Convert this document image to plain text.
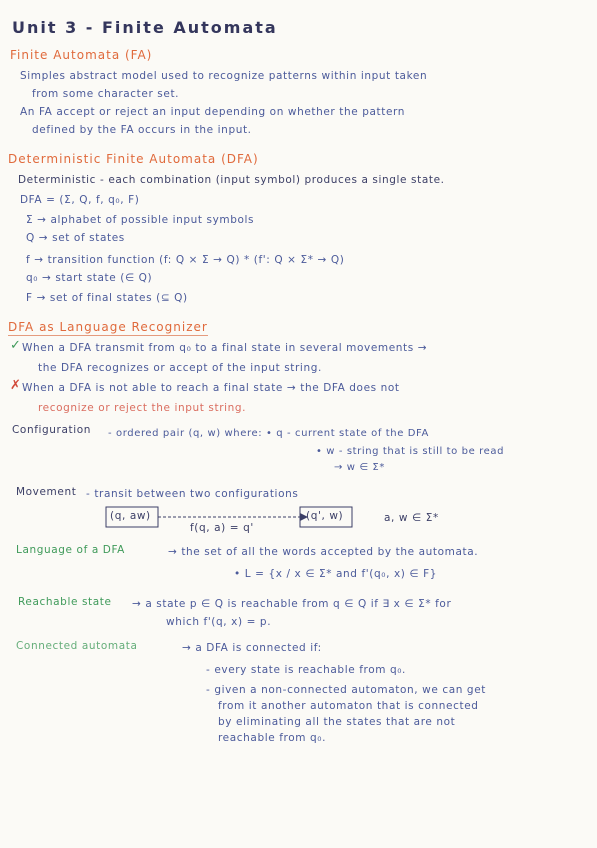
Unit 3 - Finite Automata
Finite Automata (FA)
Simples abstract model used to recognize patterns within input taken
from some character set.
An FA accept or reject an input depending on whether the pattern
defined by the FA occurs in the input.
Deterministic Finite Automata (DFA)
Deterministic - each combination (input symbol) produces a single state.
DFA = (Σ, Q, f, q₀, F)
Σ → alphabet of possible input symbols
Q → set of states
f → transition function (f: Q × Σ → Q) * (f': Q × Σ* → Q)
q₀ → start state (∈ Q)
F → set of final states (⊆ Q)
DFA as Language Recognizer
✓ When a DFA transmit from q₀ to a final state in several movements →
the DFA recognizes or accept of the input string.
✗ When a DFA is not able to reach a final state → the DFA does not
recognize or reject the input string.
Configuration - ordered pair (q, w) where: • q - current state of the DFA
• w - string that is still to be read
→ w ∈ Σ*
Movement - transit between two configurations
(q, aw)
f(q, a) = q'
(q', w)	a, w ∈ Σ*
Language of a DFA	→ the set of all the words accepted by the automata.
• L = {x / x ∈ Σ* and f'(q₀, x) ∈ F}
Reachable state → a state p ∈ Q is reachable from q ∈ Q if ∃ x ∈ Σ* for
which f'(q, x) = p.
Connected automata	→ a DFA is connected if:
- every state is reachable from q₀.
- given a non-connected automaton, we can get
from it another automaton that is connected
by eliminating all the states that are not
reachable from q₀.
